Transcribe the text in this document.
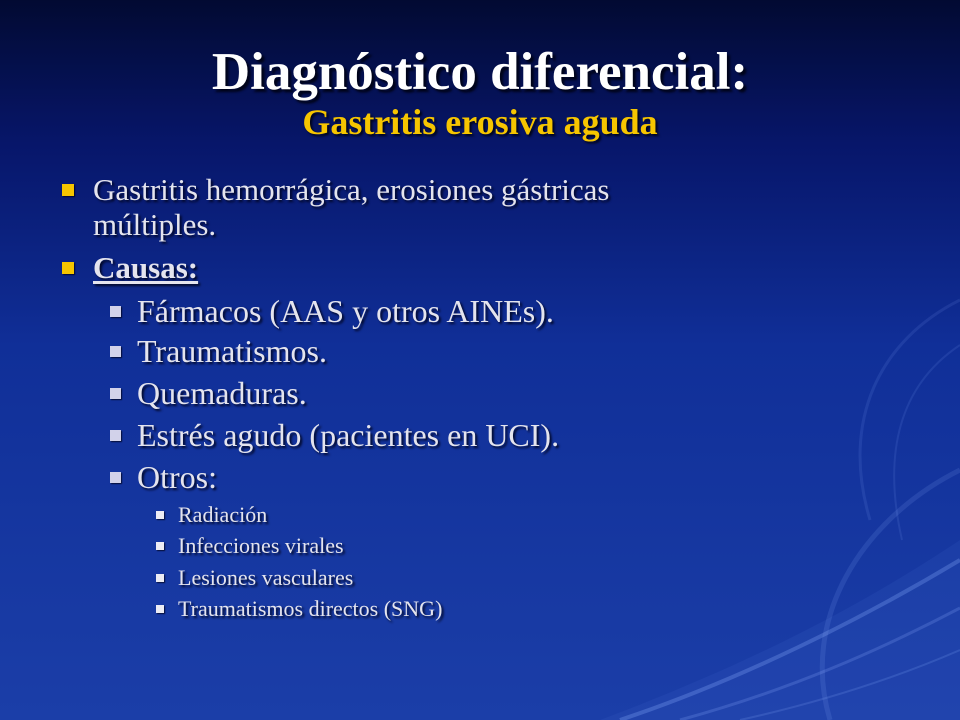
Diagnóstico diferencial:
Gastritis erosiva aguda
Gastritis hemorrágica, erosiones gástricas múltiples.
Causas:
Fármacos (AAS y otros AINEs).
Traumatismos.
Quemaduras.
Estrés agudo (pacientes en UCI).
Otros:
Radiación
Infecciones virales
Lesiones vasculares
Traumatismos directos (SNG)
